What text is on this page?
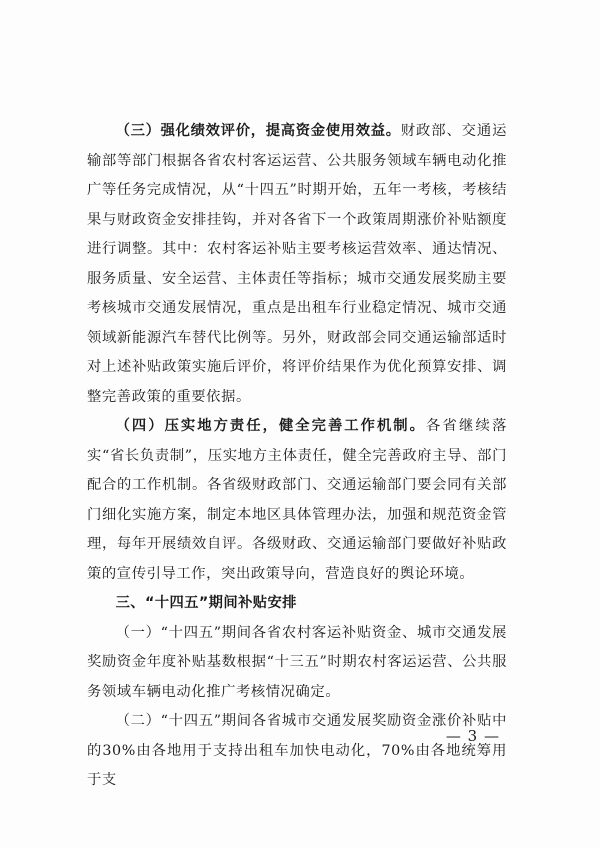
（三）强化绩效评价，提高资金使用效益。财政部、交通运输部等部门根据各省农村客运运营、公共服务领域车辆电动化推广等任务完成情况，从“十四五”时期开始，五年一考核，考核结果与财政资金安排挂钩，并对各省下一个政策周期涨价补贴额度进行调整。其中：农村客运补贴主要考核运营效率、通达情况、服务质量、安全运营、主体责任等指标；城市交通发展奖励主要考核城市交通发展情况，重点是出租车行业稳定情况、城市交通领域新能源汽车替代比例等。另外，财政部会同交通运输部适时对上述补贴政策实施后评价，将评价结果作为优化预算安排、调整完善政策的重要依据。

（四）压实地方责任，健全完善工作机制。各省继续落实“省长负责制”，压实地方主体责任，健全完善政府主导、部门配合的工作机制。各省级财政部门、交通运输部门要会同有关部门细化实施方案，制定本地区具体管理办法，加强和规范资金管理，每年开展绩效自评。各级财政、交通运输部门要做好补贴政策的宣传引导工作，突出政策导向，营造良好的舆论环境。

三、“十四五”期间补贴安排

（一）“十四五”期间各省农村客运补贴资金、城市交通发展奖励资金年度补贴基数根据“十三五”时期农村客运运营、公共服务领域车辆电动化推广考核情况确定。

（二）“十四五”期间各省城市交通发展奖励资金涨价补贴中的30%由各地用于支持出租车加快电动化，70%由各地统筹用于支

— 3 —
